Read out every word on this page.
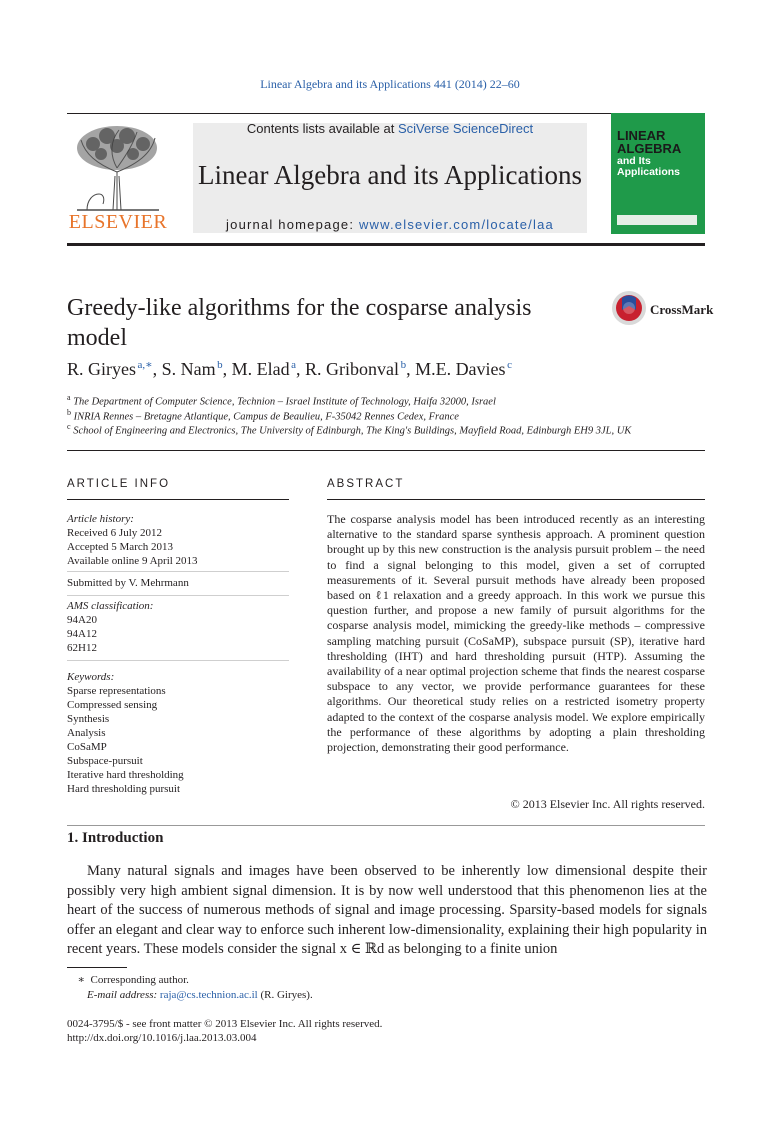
Linear Algebra and its Applications 441 (2014) 22–60
ELSEVIER
Contents lists available at SciVerse ScienceDirect
Linear Algebra and its Applications
journal homepage: www.elsevier.com/locate/laa
LINEAR
ALGEBRA
and Its
Applications
Greedy-like algorithms for the cosparse analysis model
CrossMark
R. Giryes  $^{a,∗}$, S. Nam  $^b$, M. Elad  $^a$, R. Gribonval  $^b$, M.E. Davies  $^c$
$^a$ The Department of Computer Science, Technion – Israel Institute of Technology, Haifa 32000, Israel
$^b$ INRIA Rennes – Bretagne Atlantique, Campus de Beaulieu, F-35042 Rennes Cedex, France
$^c$ School of Engineering and Electronics, The University of Edinburgh, The King's Buildings, Mayfield Road, Edinburgh EH9 3JL, UK
ARTICLE INFO
Article history:
Received 6 July 2012
Accepted 5 March 2013
Available online 9 April 2013
Submitted by V. Mehrmann
AMS classification:
94A20
94A12
62H12
Keywords:
Sparse representations
Compressed sensing
Synthesis
Analysis
CoSaMP
Subspace-pursuit
Iterative hard thresholding
Hard thresholding pursuit
ABSTRACT
The cosparse analysis model has been introduced recently as an interesting alternative to the standard sparse synthesis approach. A prominent question brought up by this new construction is the analysis pursuit problem – the need to find a signal belonging to this model, given a set of corrupted measurements of it. Several pursuit methods have already been proposed based on ℓ1 relaxation and a greedy approach. In this work we pursue this question further, and propose a new family of pursuit algorithms for the cosparse analysis model, mimicking the greedy-like methods – compressive sampling matching pursuit (CoSaMP), subspace pursuit (SP), iterative hard thresholding (IHT) and hard thresholding pursuit (HTP). Assuming the availability of a near optimal projection scheme that finds the nearest cosparse subspace to any vector, we provide performance guarantees for these algorithms. Our theoretical study relies on a restricted isometry property adapted to the context of the cosparse analysis model. We explore empirically the performance of these algorithms by adopting a plain thresholding projection, demonstrating their good performance.
© 2013 Elsevier Inc. All rights reserved.
1. Introduction
Many natural signals and images have been observed to be inherently low dimensional despite their possibly very high ambient signal dimension. It is by now well understood that this phenomenon lies at the heart of the success of numerous methods of signal and image processing. Sparsity-based models for signals offer an elegant and clear way to enforce such inherent low-dimensionality, explaining their high popularity in recent years. These models consider the signal x ∈ ℝd as belonging to a finite union
∗ Corresponding author.
E-mail address: raja@cs.technion.ac.il (R. Giryes).
0024-3795/$ - see front matter © 2013 Elsevier Inc. All rights reserved.
http://dx.doi.org/10.1016/j.laa.2013.03.004
